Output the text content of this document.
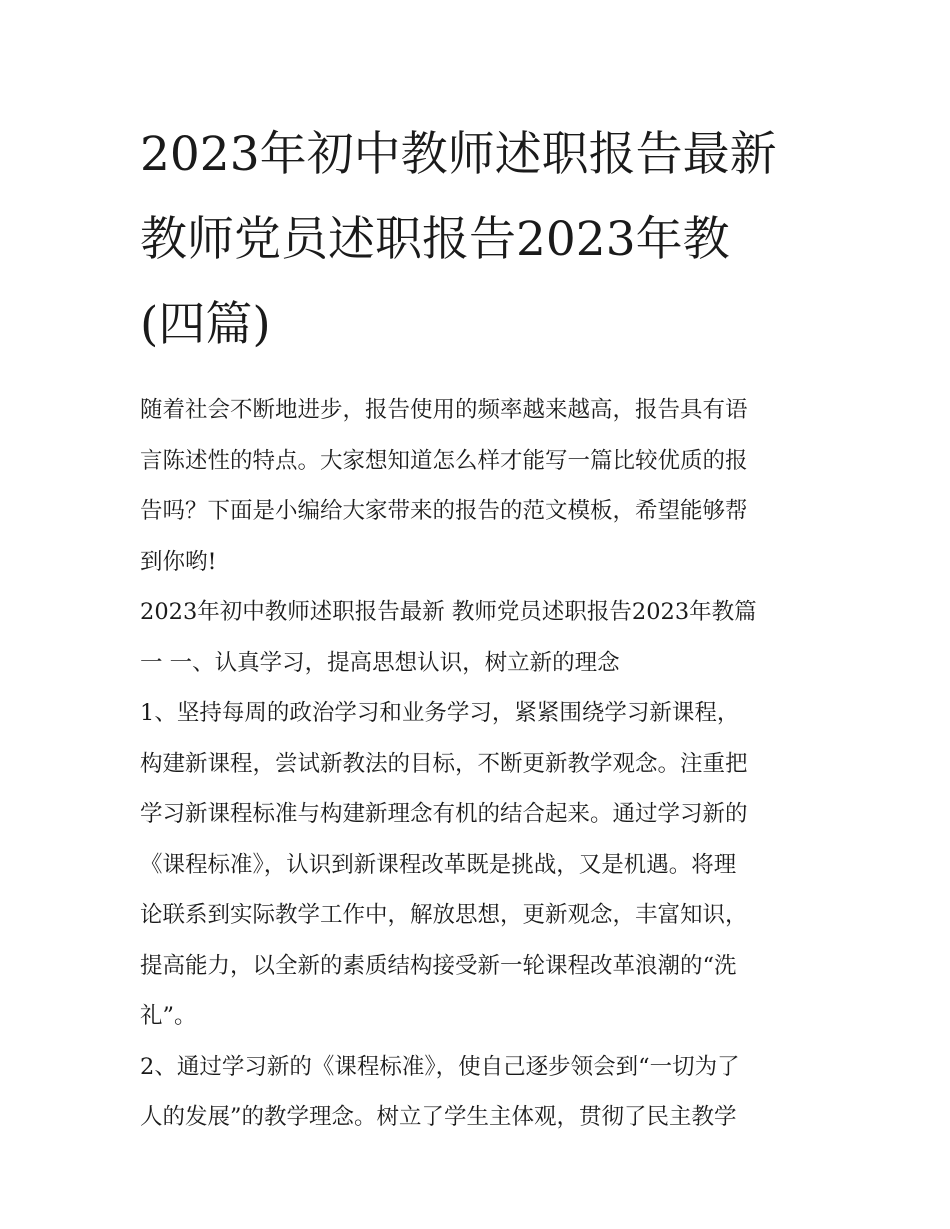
2023年初中教师述职报告最新
教师党员述职报告2023年教
(四篇)
随着社会不断地进步，报告使用的频率越来越高，报告具有语
言陈述性的特点。大家想知道怎么样才能写一篇比较优质的报
告吗？下面是小编给大家带来的报告的范文模板，希望能够帮
到你哟!
2023年初中教师述职报告最新 教师党员述职报告2023年教篇
一 一、认真学习，提高思想认识，树立新的理念
1、坚持每周的政治学习和业务学习，紧紧围绕学习新课程，
构建新课程，尝试新教法的目标，不断更新教学观念。注重把
学习新课程标准与构建新理念有机的结合起来。通过学习新的
《课程标准》，认识到新课程改革既是挑战，又是机遇。将理
论联系到实际教学工作中，解放思想，更新观念，丰富知识，
提高能力，以全新的素质结构接受新一轮课程改革浪潮的“洗
礼”。
2、通过学习新的《课程标准》，使自己逐步领会到“一切为了
人的发展”的教学理念。树立了学生主体观，贯彻了民主教学
